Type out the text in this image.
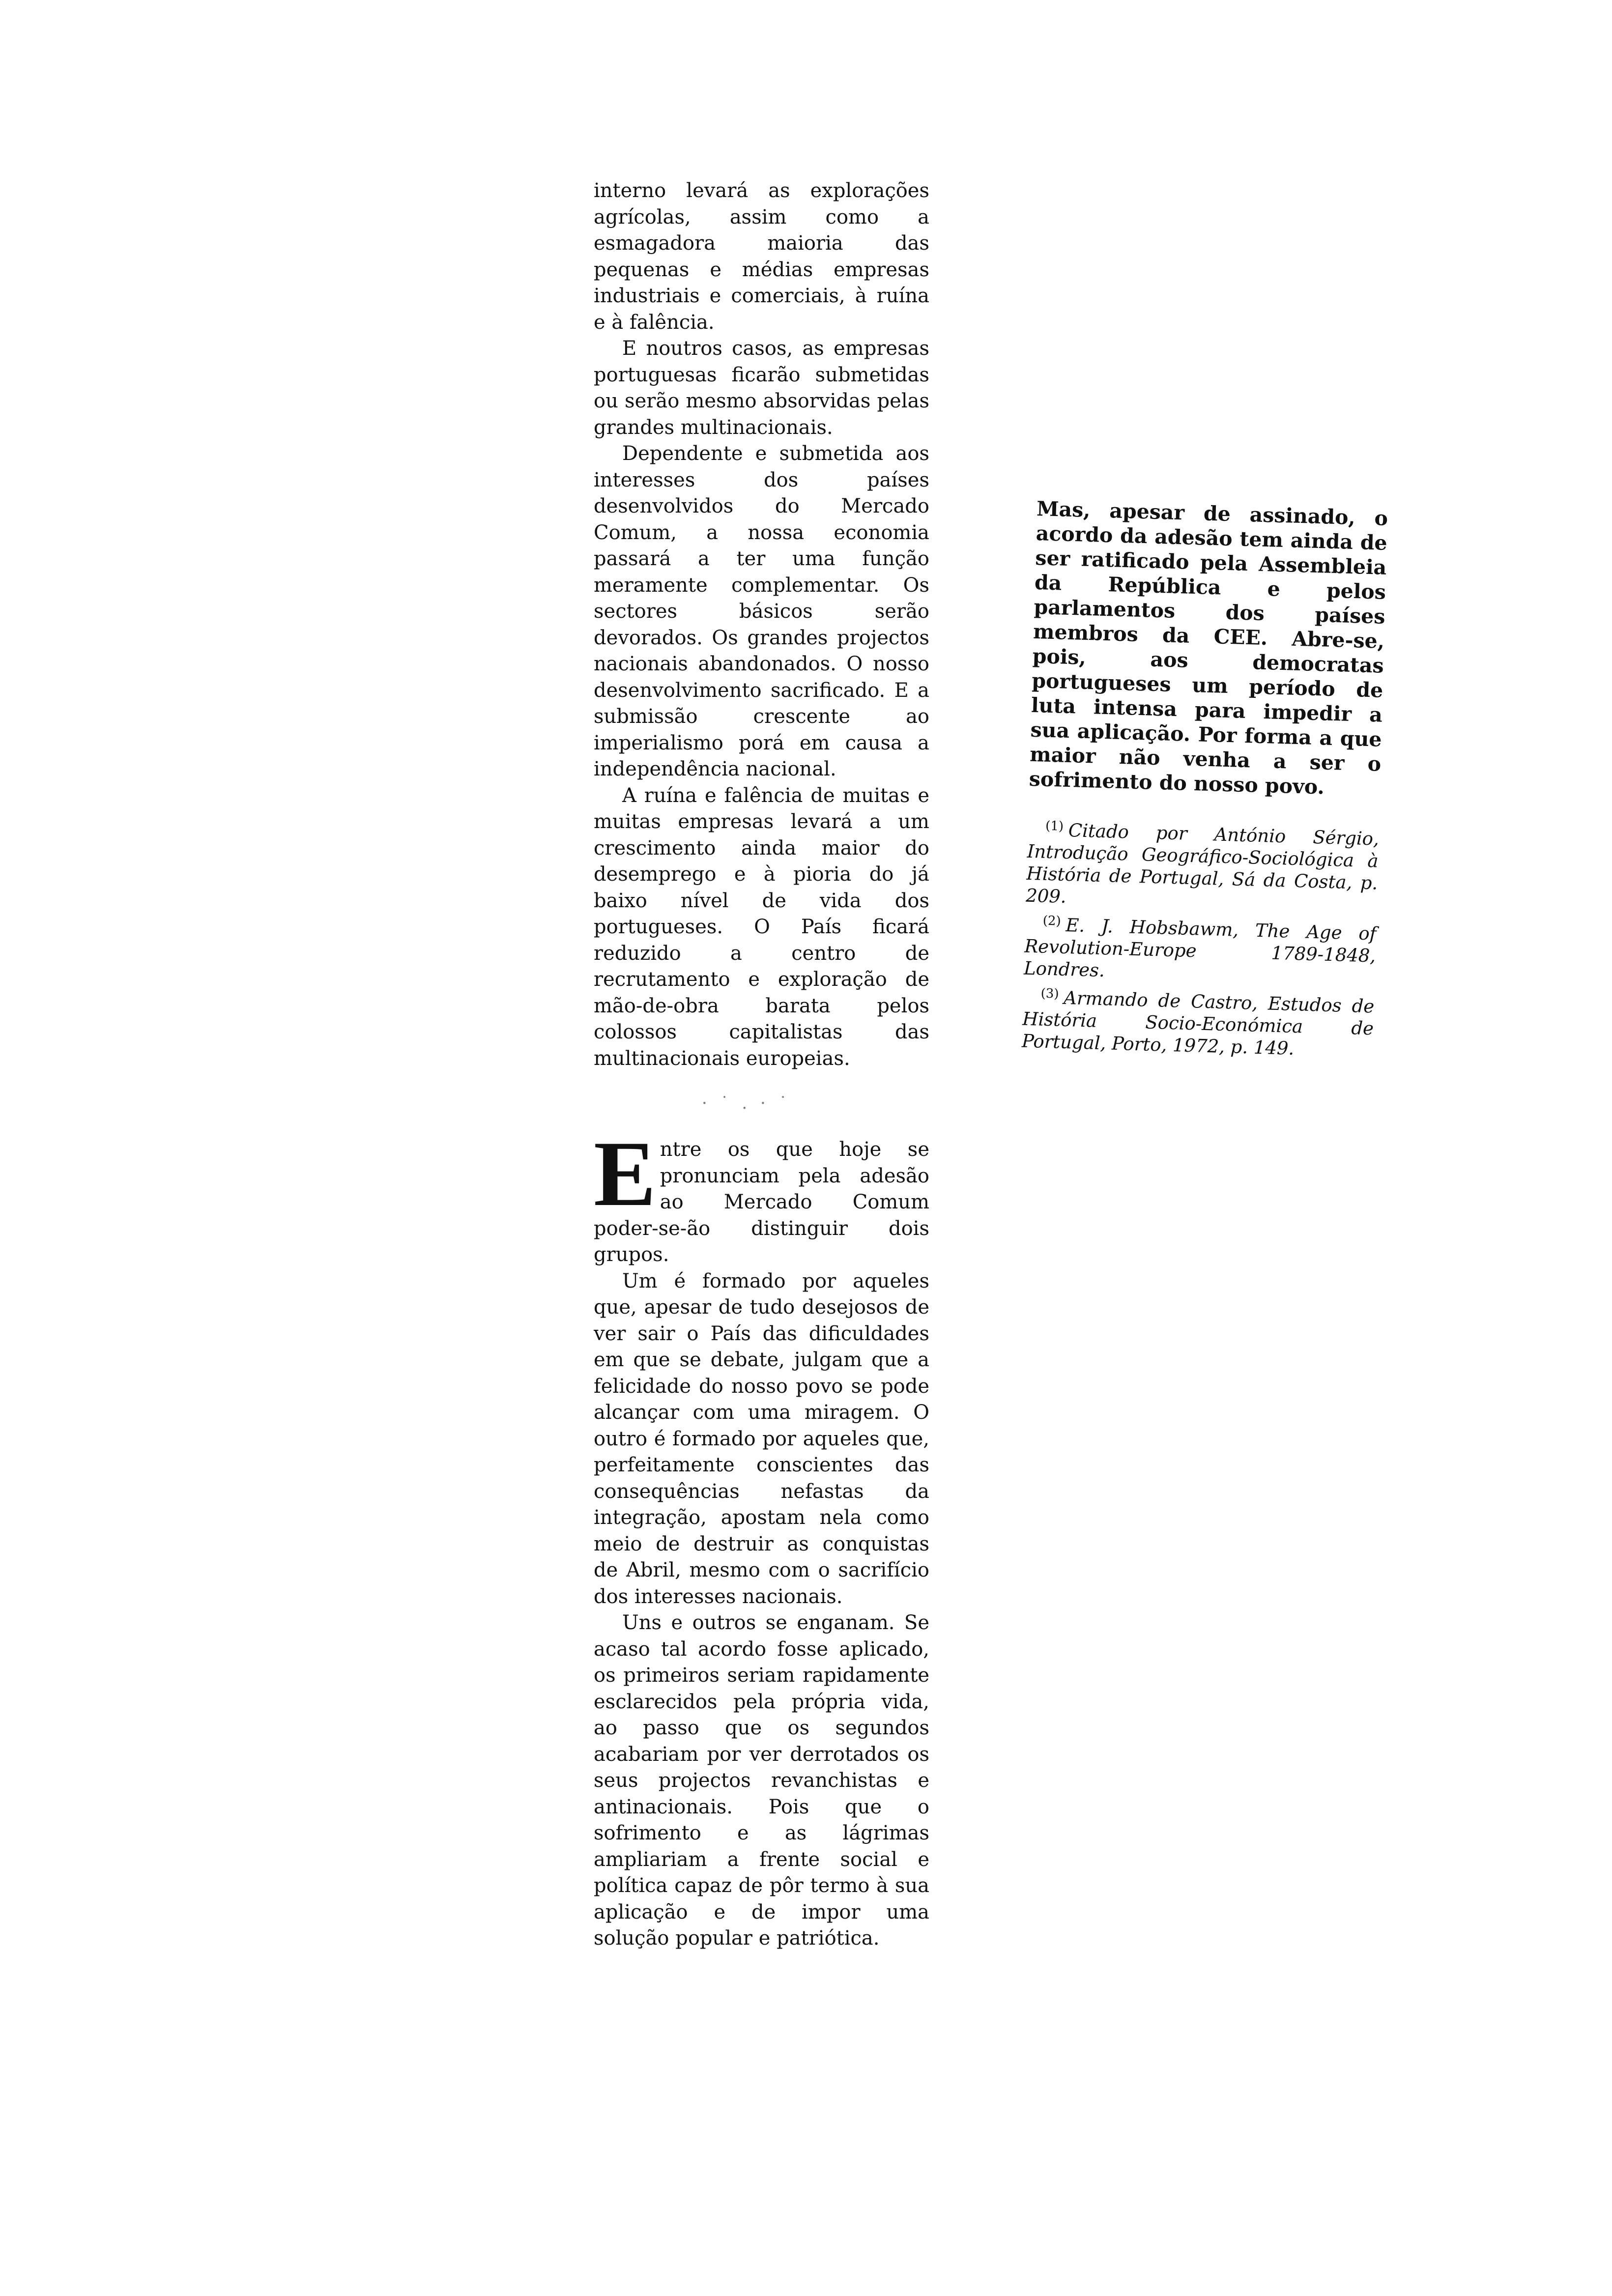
interno levará as explorações agrícolas, assim como a esmagadora maioria das pequenas e médias empresas industriais e comerciais, à ruína e à falência.

E noutros casos, as empresas portuguesas ficarão submetidas ou serão mesmo absorvidas pelas grandes multinacionais.

Dependente e submetida aos interesses dos países desenvolvidos do Mercado Comum, a nossa economia passará a ter uma função meramente complementar. Os sectores básicos serão devorados. Os grandes projectos nacionais abandonados. O nosso desenvolvimento sacrificado. E a submissão crescente ao imperialismo porá em causa a independência nacional.

A ruína e falência de muitas e muitas empresas levará a um crescimento ainda maior do desemprego e à pioria do já baixo nível de vida dos portugueses. O País ficará reduzido a centro de recrutamento e exploração de mão-de-obra barata pelos colossos capitalistas das multinacionais europeias.

· ˙ . · ˙

Entre os que hoje se pronunciam pela adesão ao Mercado Comum poder-se-ão distinguir dois grupos.

Um é formado por aqueles que, apesar de tudo desejosos de ver sair o País das dificuldades em que se debate, julgam que a felicidade do nosso povo se pode alcançar com uma miragem. O outro é formado por aqueles que, perfeitamente conscientes das consequências nefastas da integração, apostam nela como meio de destruir as conquistas de Abril, mesmo com o sacrifício dos interesses nacionais.

Uns e outros se enganam. Se acaso tal acordo fosse aplicado, os primeiros seriam rapidamente esclarecidos pela própria vida, ao passo que os segundos acabariam por ver derrotados os seus projectos revanchistas e antinacionais. Pois que o sofrimento e as lágrimas ampliariam a frente social e política capaz de pôr termo à sua aplicação e de impor uma solução popular e patriótica.

Mas, apesar de assinado, o acordo da adesão tem ainda de ser ratificado pela Assembleia da República e pelos parlamentos dos países membros da CEE. Abre-se, pois, aos democratas portugueses um período de luta intensa para impedir a sua aplicação. Por forma a que maior não venha a ser o sofrimento do nosso povo.

$^{(1)}$ Citado por António Sérgio, Introdução Geográfico-Sociológica à História de Portugal, Sá da Costa, p. 209.

$^{(2)}$ E. J. Hobsbawm, The Age of Revolution-Europe 1789-1848, Londres.

$^{(3)}$ Armando de Castro, Estudos de História Socio-Económica de Portugal, Porto, 1972, p. 149.
